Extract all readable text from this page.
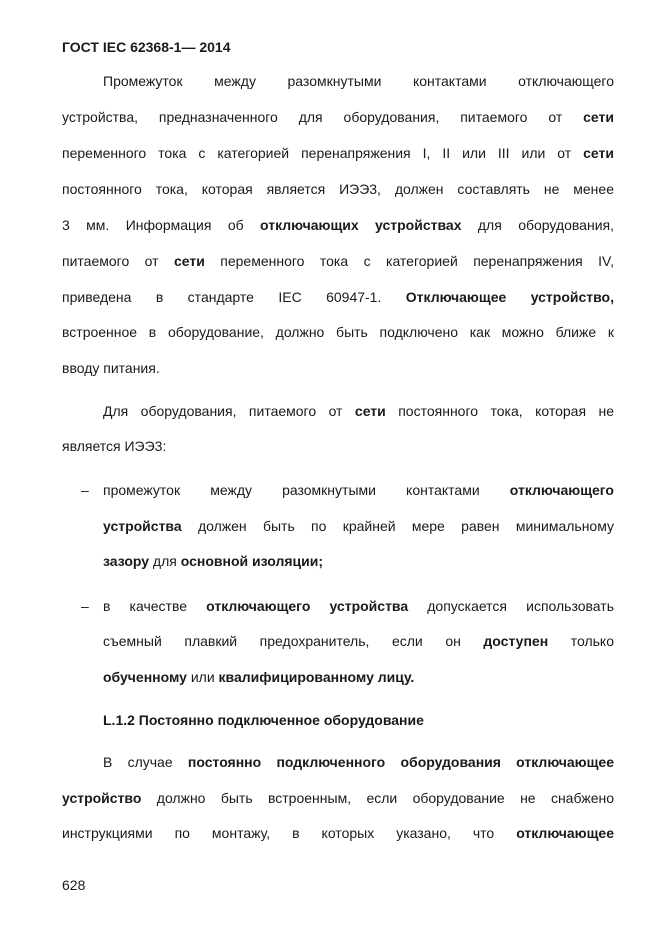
ГОСТ IEC 62368-1— 2014
Промежуток между разомкнутыми контактами отключающего
устройства, предназначенного для оборудования, питаемого от сети
переменного тока с категорией перенапряжения I, II или III или от сети
постоянного тока, которая является ИЭЭ3, должен составлять не менее
3 мм. Информация об отключающих устройствах для оборудования,
питаемого от сети переменного тока с категорией перенапряжения IV,
приведена в стандарте IEC 60947-1. Отключающее устройство,
встроенное в оборудование, должно быть подключено как можно ближе к
вводу питания.
Для оборудования, питаемого от сети постоянного тока, которая не
является ИЭЭ3:
– промежуток между разомкнутыми контактами отключающего
устройства должен быть по крайней мере равен минимальному
зазору для основной изоляции;
– в качестве отключающего устройства допускается использовать
съемный плавкий предохранитель, если он доступен только
обученному или квалифицированному лицу.
L.1.2 Постоянно подключенное оборудование
В случае постоянно подключенного оборудования отключающее
устройство должно быть встроенным, если оборудование не снабжено
инструкциями по монтажу, в которых указано, что отключающее
628
